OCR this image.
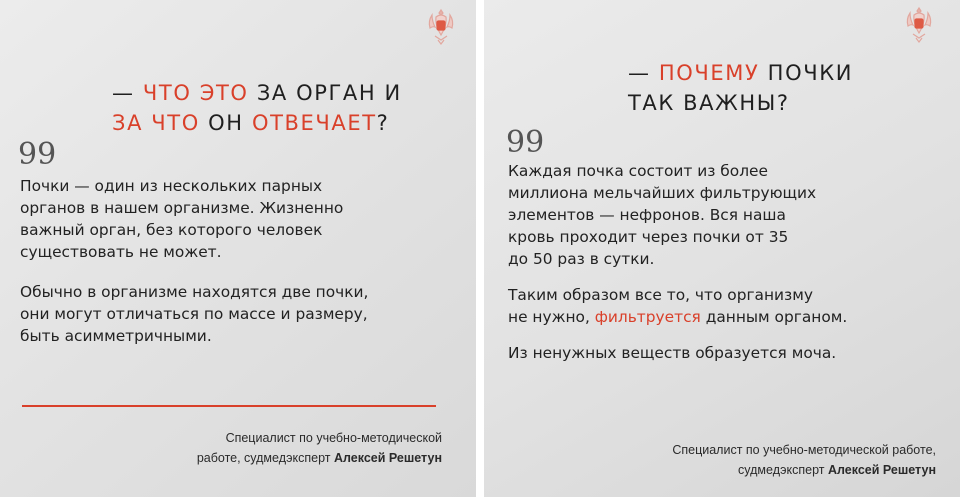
— ЧТО ЭТО ЗА ОРГАН И
ЗА ЧТО ОН ОТВЕЧАЕТ?
99

Почки — один из нескольких парных
органов в нашем организме. Жизненно
важный орган, без которого человек
существовать не может.

Обычно в организме находятся две почки,
они могут отличаться по массе и размеру,
быть асимметричными.

Специалист по учебно-методической

работе, судмедэксперт Алексей Решетун

— ПОЧЕМУ ПОЧКИ
ТАК ВАЖНЫ?
99

Каждая почка состоит из более
миллиона мельчайших фильтрующих
элементов — нефронов. Вся наша
кровь проходит через почки от 35
до 50 раз в сутки.

Таким образом все то, что организму
не нужно, фильтруется данным органом.

Из ненужных веществ образуется моча.

Специалист по учебно-методической работе,

судмедэксперт Алексей Решетун
